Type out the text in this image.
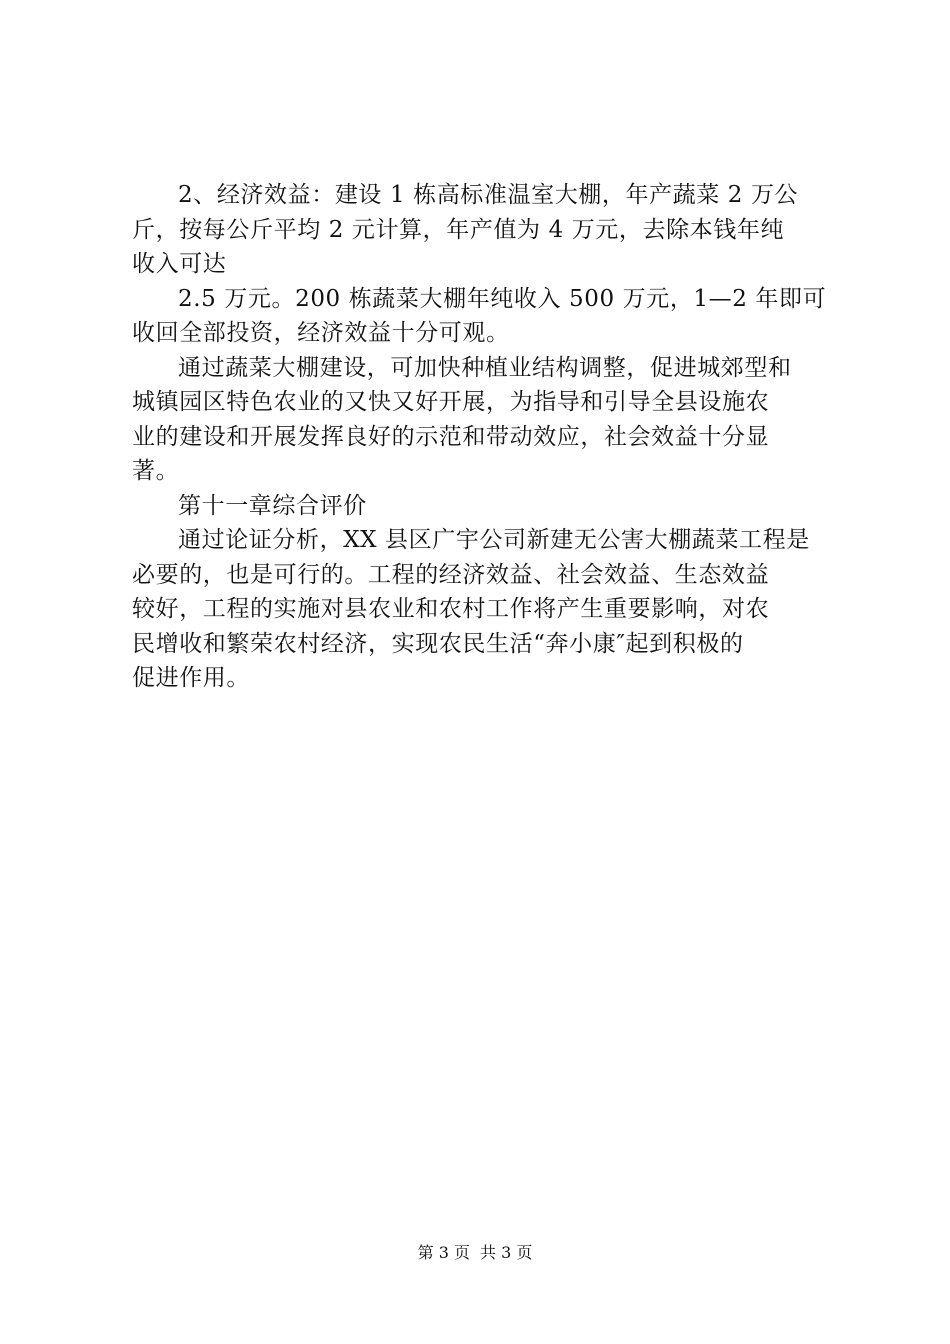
2、经济效益：建设 1 栋高标准温室大棚，年产蔬菜 2 万公
斤，按每公斤平均 2 元计算，年产值为 4 万元，去除本钱年纯
收入可达
2.5 万元。200 栋蔬菜大棚年纯收入 500 万元，1—2 年即可
收回全部投资，经济效益十分可观。
通过蔬菜大棚建设，可加快种植业结构调整，促进城郊型和
城镇园区特色农业的又快又好开展，为指导和引导全县设施农
业的建设和开展发挥良好的示范和带动效应，社会效益十分显
著。
第十一章综合评价
通过论证分析，XX 县区广宇公司新建无公害大棚蔬菜工程是
必要的，也是可行的。工程的经济效益、社会效益、生态效益
较好，工程的实施对县农业和农村工作将产生重要影响，对农
民增收和繁荣农村经济，实现农民生活“奔小康″起到积极的
促进作用。
第 3 页 共 3 页
